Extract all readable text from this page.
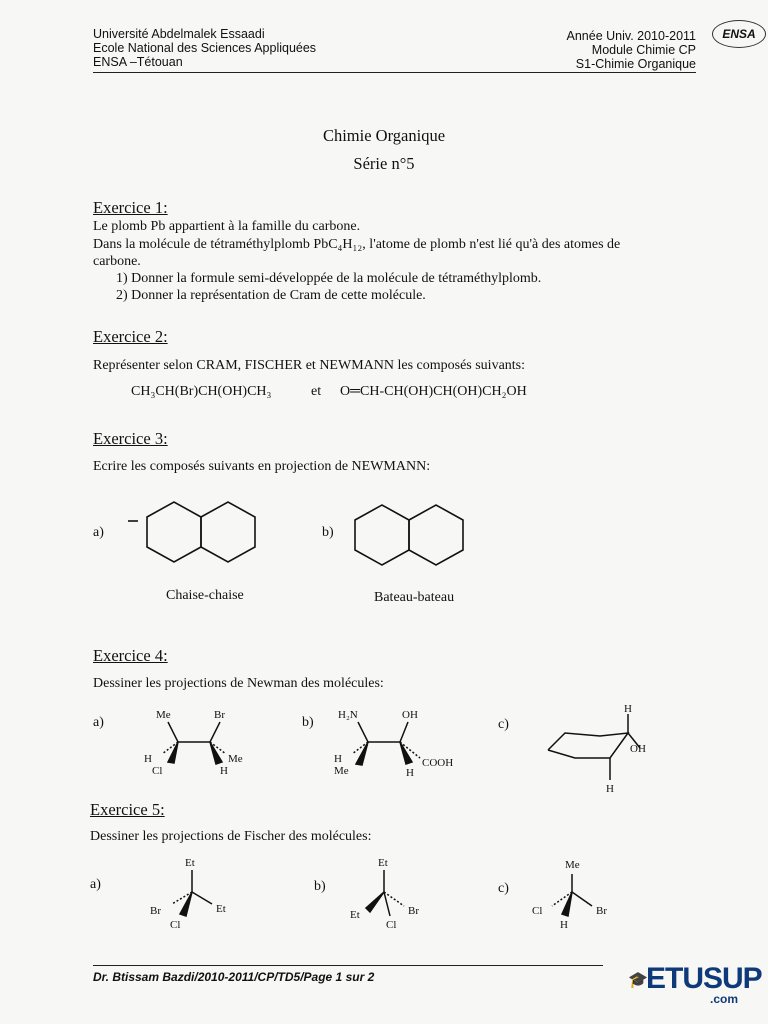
Université Abdelmalek Essaadi
Ecole National des Sciences Appliquées
ENSA –Tétouan
Année Univ. 2010-2011
Module Chimie CP
S1-Chimie Organique
ENSA
Chimie Organique
Série n°5
Exercice 1:
Le plomb Pb appartient à la famille du carbone.
Dans la molécule de tétraméthylplomb PbC₄H₁₂, l'atome de plomb n'est lié qu'à des atomes de
carbone.
1) Donner la formule semi-développée de la molécule de tétraméthylplomb.
2) Donner la représentation de Cram de cette molécule.
Exercice 2:
Représenter selon CRAM, FISCHER et NEWMANN les composés suivants:
CH₃CH(Br)CH(OH)CH₃	et O═CH-CH(OH)CH(OH)CH₂OH
Exercice 3:
Ecrire les composés suivants en projection de NEWMANN:
a)	b)
Chaise-chaise	Bateau-bateau
Exercice 4:
Dessiner les projections de Newman des molécules:
a)	b)	c)
Me	Br
H
Cl
Me
H
H₂N	OH
H
Me
COOH
H
H
OH
H
Exercice 5:
Dessiner les projections de Fischer des molécules:
a)	b)	c)
Et
Br	Et
Cl
Et
Et	Br
Cl
Me
Cl	Br
H
Dr. Btissam Bazdi/2010-2011/CP/TD5/Page 1 sur 2	🎓
ETUSUP
.com
